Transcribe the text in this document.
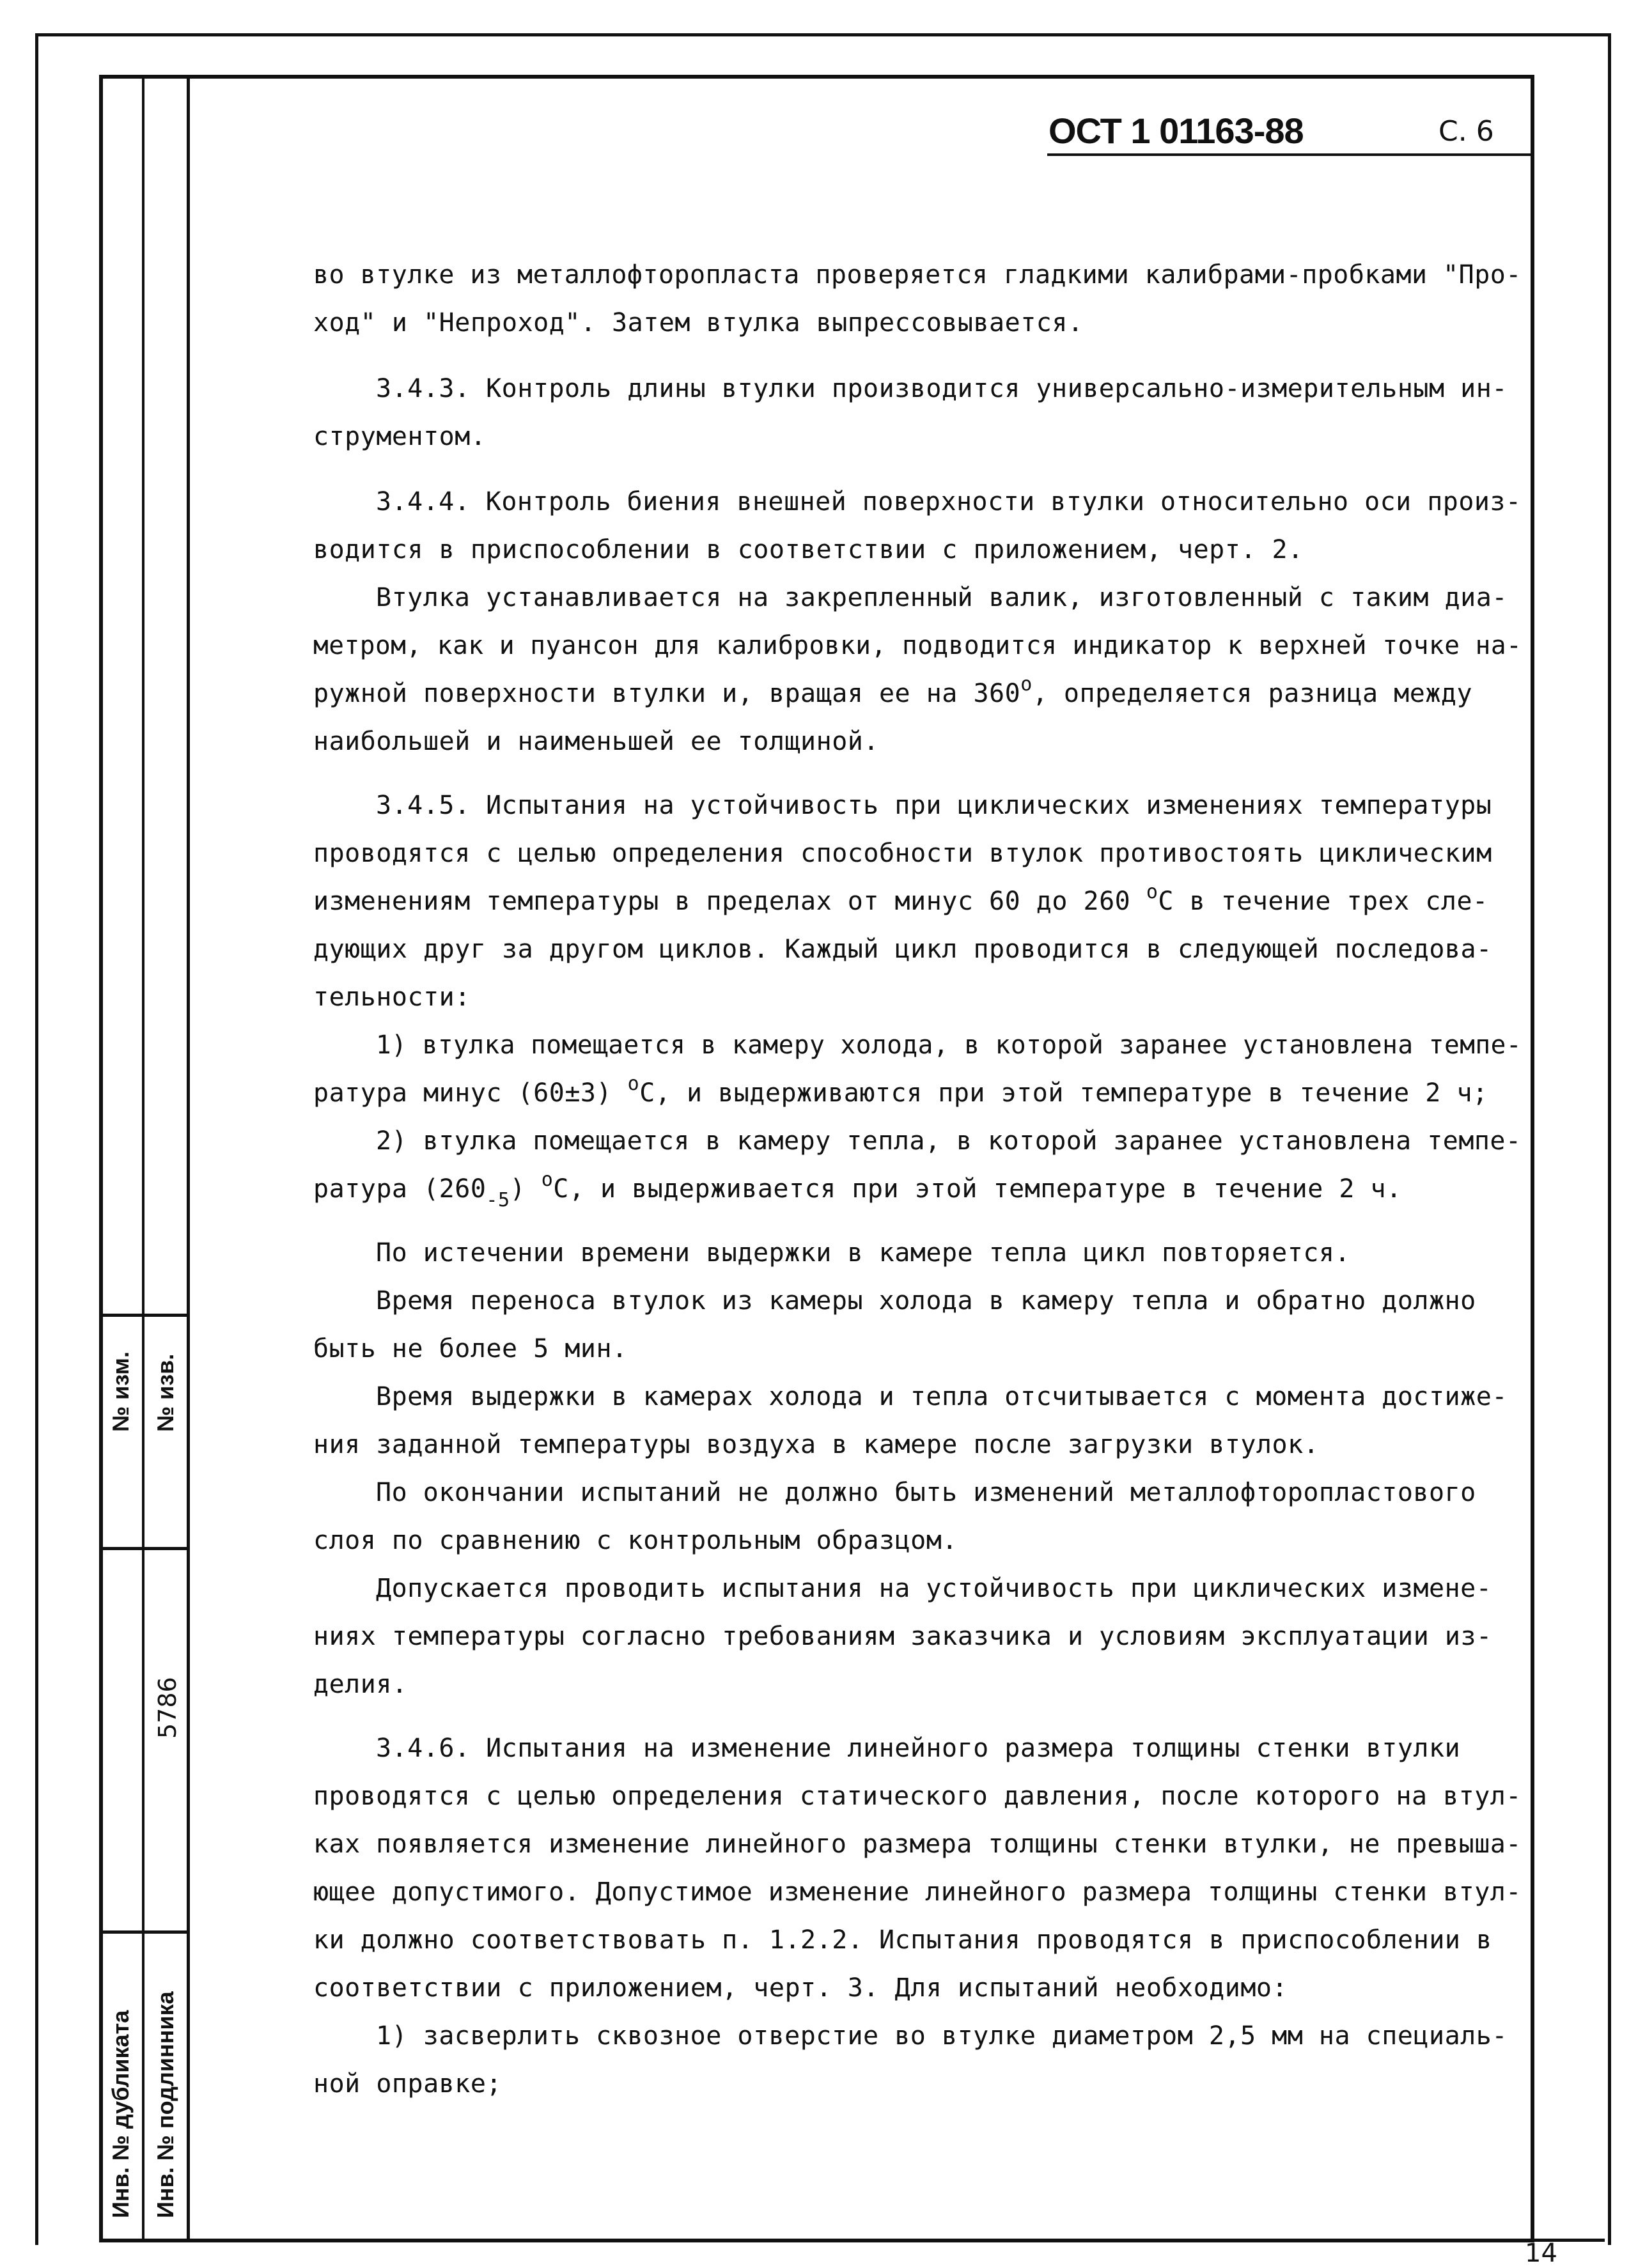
№ изм. № изв.
5786
Инв. № дубликата Инв. № подлинника
ОСТ 1 01163-88	С. 6
во втулке из металлофторопласта проверяется гладкими калибрами-пробками "Про-
ход" и "Непроход". Затем втулка выпрессовывается.
3.4.3. Контроль длины втулки производится универсально-измерительным ин-
струментом.
3.4.4. Контроль биения внешней поверхности втулки относительно оси произ-
водится в приспособлении в соответствии с приложением, черт. 2.
Втулка устанавливается на закрепленный валик, изготовленный с таким диа-
метром, как и пуансон для калибровки, подводится индикатор к верхней точке на-
ружной поверхности втулки и, вращая ее на $360^о$, определяется разница между
наибольшей и наименьшей ее толщиной.
3.4.5. Испытания на устойчивость при циклических изменениях температуры
проводятся с целью определения способности втулок противостоять циклическим
изменениям температуры в пределах от минус 60 до 260 $^о$С в течение трех сле-
дующих друг за другом циклов. Каждый цикл проводится в следующей последова-
тельности:
1) втулка помещается в камеру холода, в которой заранее установлена темпе-
ратура минус (60±3) $^о$С, и выдерживаются при этой температуре в течение 2 ч;
2) втулка помещается в камеру тепла, в которой заранее установлена темпе-
ратура $(260_{-5})$ $^о$С, и выдерживается при этой температуре в течение 2 ч.
По истечении времени выдержки в камере тепла цикл повторяется.
Время переноса втулок из камеры холода в камеру тепла и обратно должно
быть не более 5 мин.
Время выдержки в камерах холода и тепла отсчитывается с момента достиже-
ния заданной температуры воздуха в камере после загрузки втулок.
По окончании испытаний не должно быть изменений металлофторопластового
слоя по сравнению с контрольным образцом.
Допускается проводить испытания на устойчивость при циклических измене-
ниях температуры согласно требованиям заказчика и условиям эксплуатации из-
делия.
3.4.6. Испытания на изменение линейного размера толщины стенки втулки
проводятся с целью определения статического давления, после которого на втул-
ках появляется изменение линейного размера толщины стенки втулки, не превыша-
ющее допустимого. Допустимое изменение линейного размера толщины стенки втул-
ки должно соответствовать п. 1.2.2. Испытания проводятся в приспособлении в
соответствии с приложением, черт. 3. Для испытаний необходимо:
1) засверлить сквозное отверстие во втулке диаметром 2,5 мм на специаль-
ной оправке;
14
